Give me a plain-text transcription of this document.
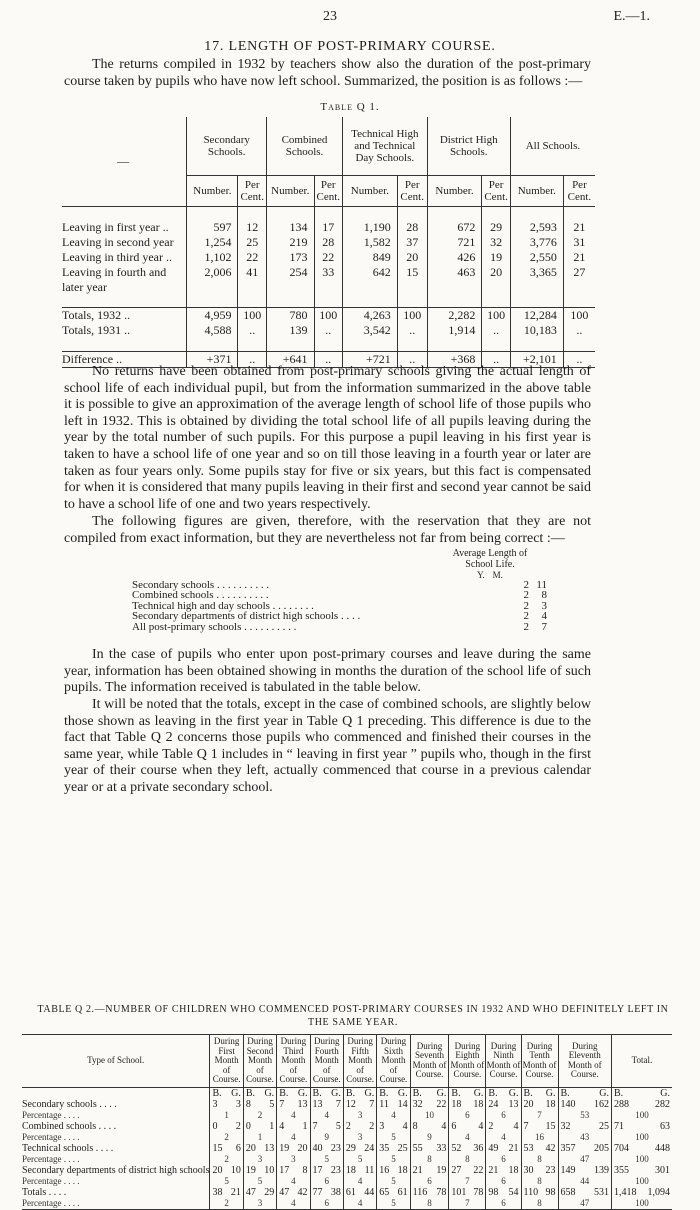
23	E.—1.
17. LENGTH OF POST-PRIMARY COURSE.
The returns compiled in 1932 by teachers show also the duration of the post-primary course taken by pupils who have now left school. Summarized, the position is as follows :—
Table Q 1.
—	Secondary Schools.		Combined Schools.		Technical High and Technical Day Schools.		District High Schools.		All Schools.	
	Number.	Per Cent.	Number.	Per Cent.	Number.	Per Cent.	Number.	Per Cent.	Number.	Per Cent.

Leaving in first year ..	597	12	134	17	1,190	28	672	29	2,593	21
Leaving in second year	1,254	25	219	28	1,582	37	721	32	3,776	31
Leaving in third year ..	1,102	22	173	22	849	20	426	19	2,550	21
Leaving in fourth and	2,006	41	254	33	642	15	463	20	3,365	27
later year										

Totals, 1932 ..	4,959	100	780	100	4,263	100	2,282	100	12,284	100
Totals, 1931 ..	4,588	..	139	..	3,542	..	1,914	..	10,183	..

Difference ..	+371	..	+641	..	+721	..	+368	..	+2,101	..
No returns have been obtained from post-primary schools giving the actual length of school life of each individual pupil, but from the information summarized in the above table it is possible to give an approximation of the average length of school life of those pupils who left in 1932. This is obtained by dividing the total school life of all pupils leaving during the year by the total number of such pupils. For this purpose a pupil leaving in his first year is taken to have a school life of one year and so on till those leaving in a fourth year or later are taken as four years only. Some pupils stay for five or six years, but this fact is compensated for when it is considered that many pupils leaving in their first and second year cannot be said to have a school life of one and two years respectively.
The following figures are given, therefore, with the reservation that they are not compiled from exact information, but they are nevertheless not far from being correct :—
Average Length of School Life.
Y. M.
Secondary schools . . . . . . . . . .	2 11
Combined schools . . . . . . . . . .	2	8
Technical high and day schools . . . . . . . .	2	3
Secondary departments of district high schools . . . .	2	4
All post-primary schools . . . . . . . . . .	2	7
In the case of pupils who enter upon post-primary courses and leave during the same year, information has been obtained showing in months the duration of the school life of such pupils. The information received is tabulated in the table below.
It will be noted that the totals, except in the case of combined schools, are slightly below those shown as leaving in the first year in Table Q 1 preceding. This difference is due to the fact that Table Q 2 concerns those pupils who commenced and finished their courses in the same year, while Table Q 1 includes in “ leaving in first year ” pupils who, though in the first year of their course when they left, actually commenced that course in a previous calendar year or at a private secondary school.
TABLE Q 2.—NUMBER OF CHILDREN WHO COMMENCED POST-PRIMARY COURSES IN 1932 AND WHO DEFINITELY LEFT IN THE SAME YEAR.
Type of School.	During First Month of Course.	During Second Month of Course.	During Third Month of Course.	During Fourth Month of Course.	During Fifth Month of Course.	During Sixth Month of Course.	During Seventh Month of Course.	During Eighth Month of Course.	During Ninth Month of Course.	During Tenth Month of Course.	During Eleventh Month of Course.	Total.

	B. G.	B. G.	B. G.	B. G.	B. G.	B. G.	B. G.	B. G.	B. G.	B. G.	B. G.	B. G.

Secondary schools . . . .	3 3	8 5	7 13	13 7	12 7	11 14	32 22	18 18	24 13	20 18	140 162	288 282

Percentage . . . .	1	2	4	4	3	4	10	6	6	7	53	100
Combined schools . . . .	0 2	0 1	4 1	7 5	2 2	3 4	8 4	6 4	2 4	7 15	32 25	71 63

Percentage . . . .	2	1	4	9	3	5	9	4	4	16	43	100
Technical schools . . . .	15 6	20 13	19 20	40 23	29 24	35 25	55 33	52 36	49 21	53 42	357 205	704 448

Percentage . . . .	2	3	3	5	5	5	8	8	6	8	47	100
Secondary departments of district high schools	20 10	19 10	17 8	17 23	18 11	16 18	21 19	27 22	21 18	30 23	149 139	355 301

Percentage . . . .	5	5	4	6	4	5	6	7	6	8	44	100
Totals . . . .	38 21	47 29	47 42	77 38	61 44	65 61	116 78	101 78	98 54	110 98	658 531	1,418 1,094

Percentage . . . .	2	3	4	6	4	5	8	7	6	8	47	100
